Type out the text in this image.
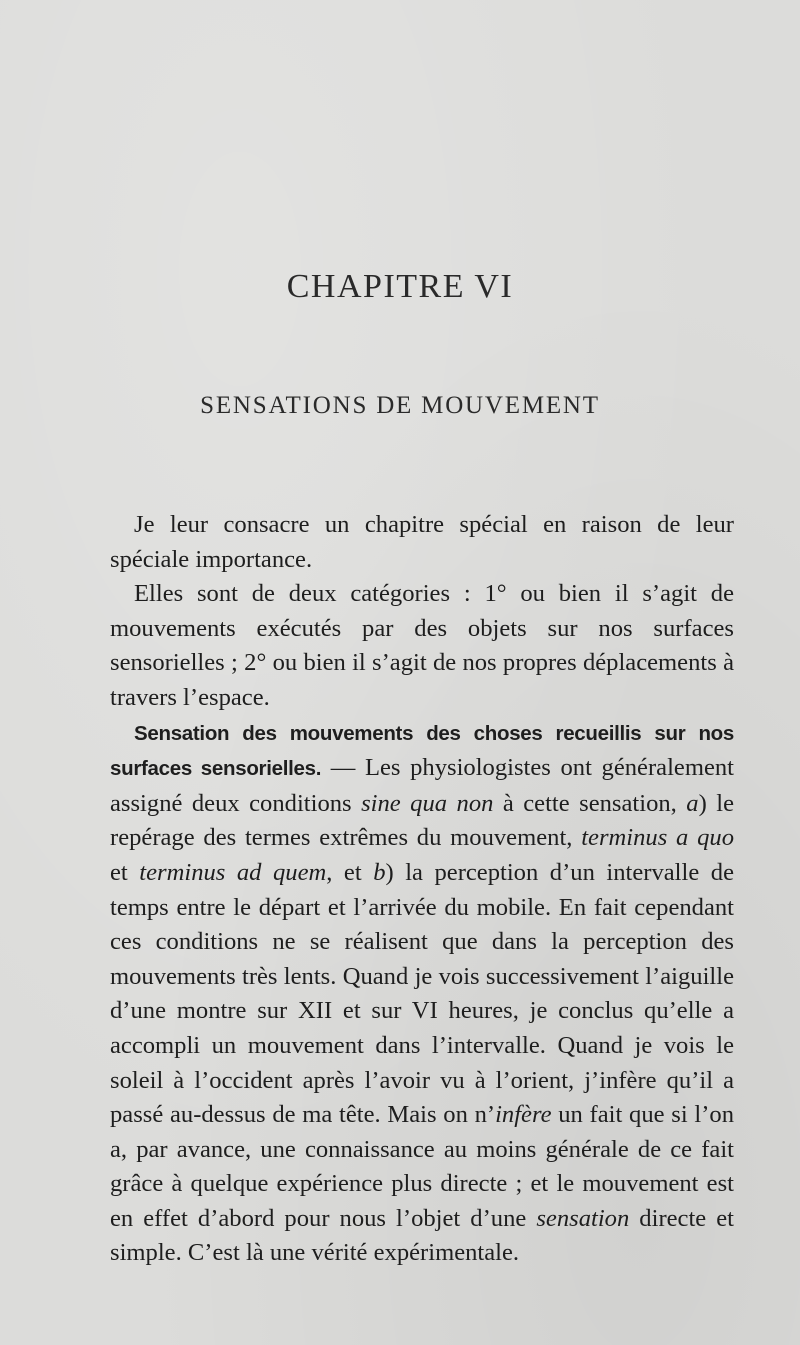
CHAPITRE VI
SENSATIONS DE MOUVEMENT

Je leur consacre un chapitre spécial en raison de leur spéciale importance.

Elles sont de deux catégories : 1° ou bien il s’agit de mouvements exécutés par des objets sur nos surfaces sensorielles ; 2° ou bien il s’agit de nos propres déplacements à travers l’espace.

Sensation des mouvements des choses recueillis sur nos surfaces sensorielles. — Les physiologistes ont généralement assigné deux conditions sine qua non à cette sensation, a) le repérage des termes extrêmes du mouvement, terminus a quo et terminus ad quem, et b) la perception d’un intervalle de temps entre le départ et l’arrivée du mobile. En fait cependant ces conditions ne se réalisent que dans la perception des mouvements très lents. Quand je vois successivement l’aiguille d’une montre sur XII et sur VI heures, je conclus qu’elle a accompli un mouvement dans l’intervalle. Quand je vois le soleil à l’occident après l’avoir vu à l’orient, j’infère qu’il a passé au-dessus de ma tête. Mais on n’infère un fait que si l’on a, par avance, une connaissance au moins générale de ce fait grâce à quelque expérience plus directe ; et le mouvement est en effet d’abord pour nous l’objet d’une sensation directe et simple. C’est là une vérité expérimentale.
